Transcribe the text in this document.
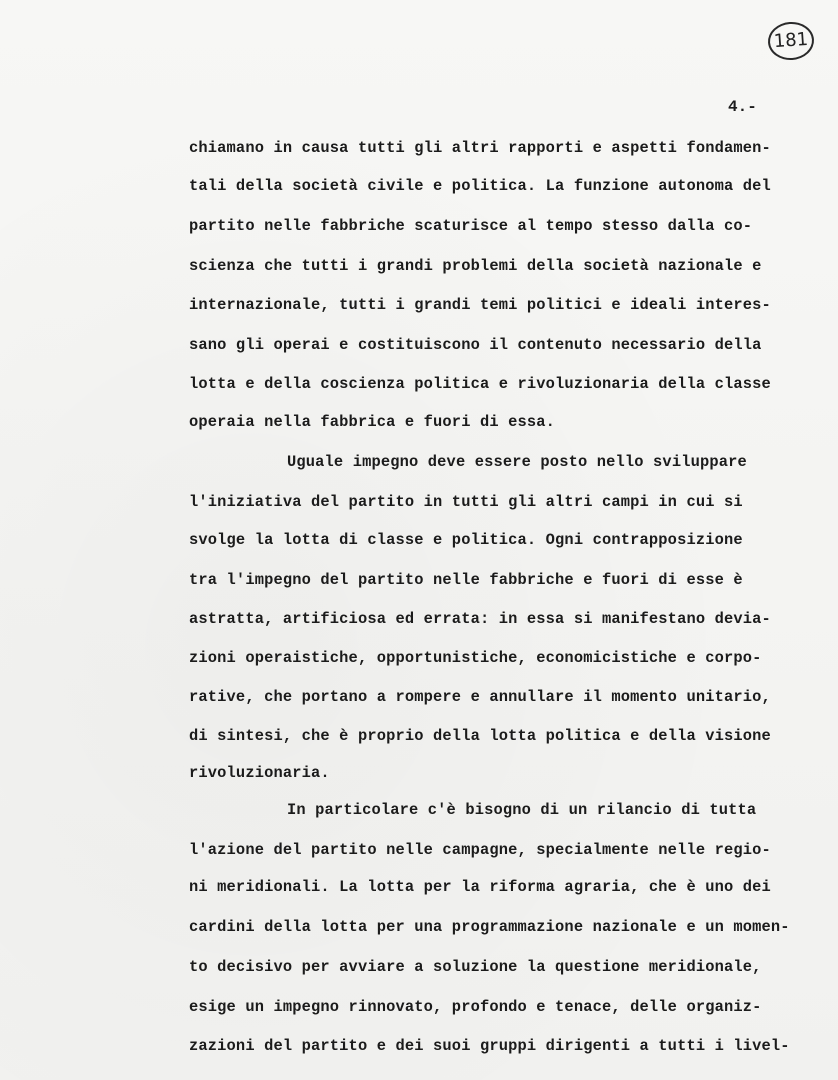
181
4.-

chiamano in causa tutti gli altri rapporti e aspetti fondamen-

tali della società civile e politica. La funzione autonoma del

partito nelle fabbriche scaturisce al tempo stesso dalla co-

scienza che tutti i grandi problemi della società nazionale e

internazionale, tutti i grandi temi politici e ideali interes-

sano gli operai e costituiscono il contenuto necessario della

lotta e della coscienza politica e rivoluzionaria della classe

operaia nella fabbrica e fuori di essa.

Uguale impegno deve essere posto nello sviluppare

l'iniziativa del partito in tutti gli altri campi in cui si

svolge la lotta di classe e politica. Ogni contrapposizione

tra l'impegno del partito nelle fabbriche e fuori di esse è

astratta, artificiosa ed errata: in essa si manifestano devia-

zioni operaistiche, opportunistiche, economicistiche e corpo-

rative, che portano a rompere e annullare il momento unitario,

di sintesi, che è proprio della lotta politica e della visione

rivoluzionaria.

In particolare c'è bisogno di un rilancio di tutta

l'azione del partito nelle campagne, specialmente nelle regio-

ni meridionali. La lotta per la riforma agraria, che è uno dei

cardini della lotta per una programmazione nazionale e un momen-

to decisivo per avviare a soluzione la questione meridionale,

esige un impegno rinnovato, profondo e tenace, delle organiz-

zazioni del partito e dei suoi gruppi dirigenti a tutti i livel-
